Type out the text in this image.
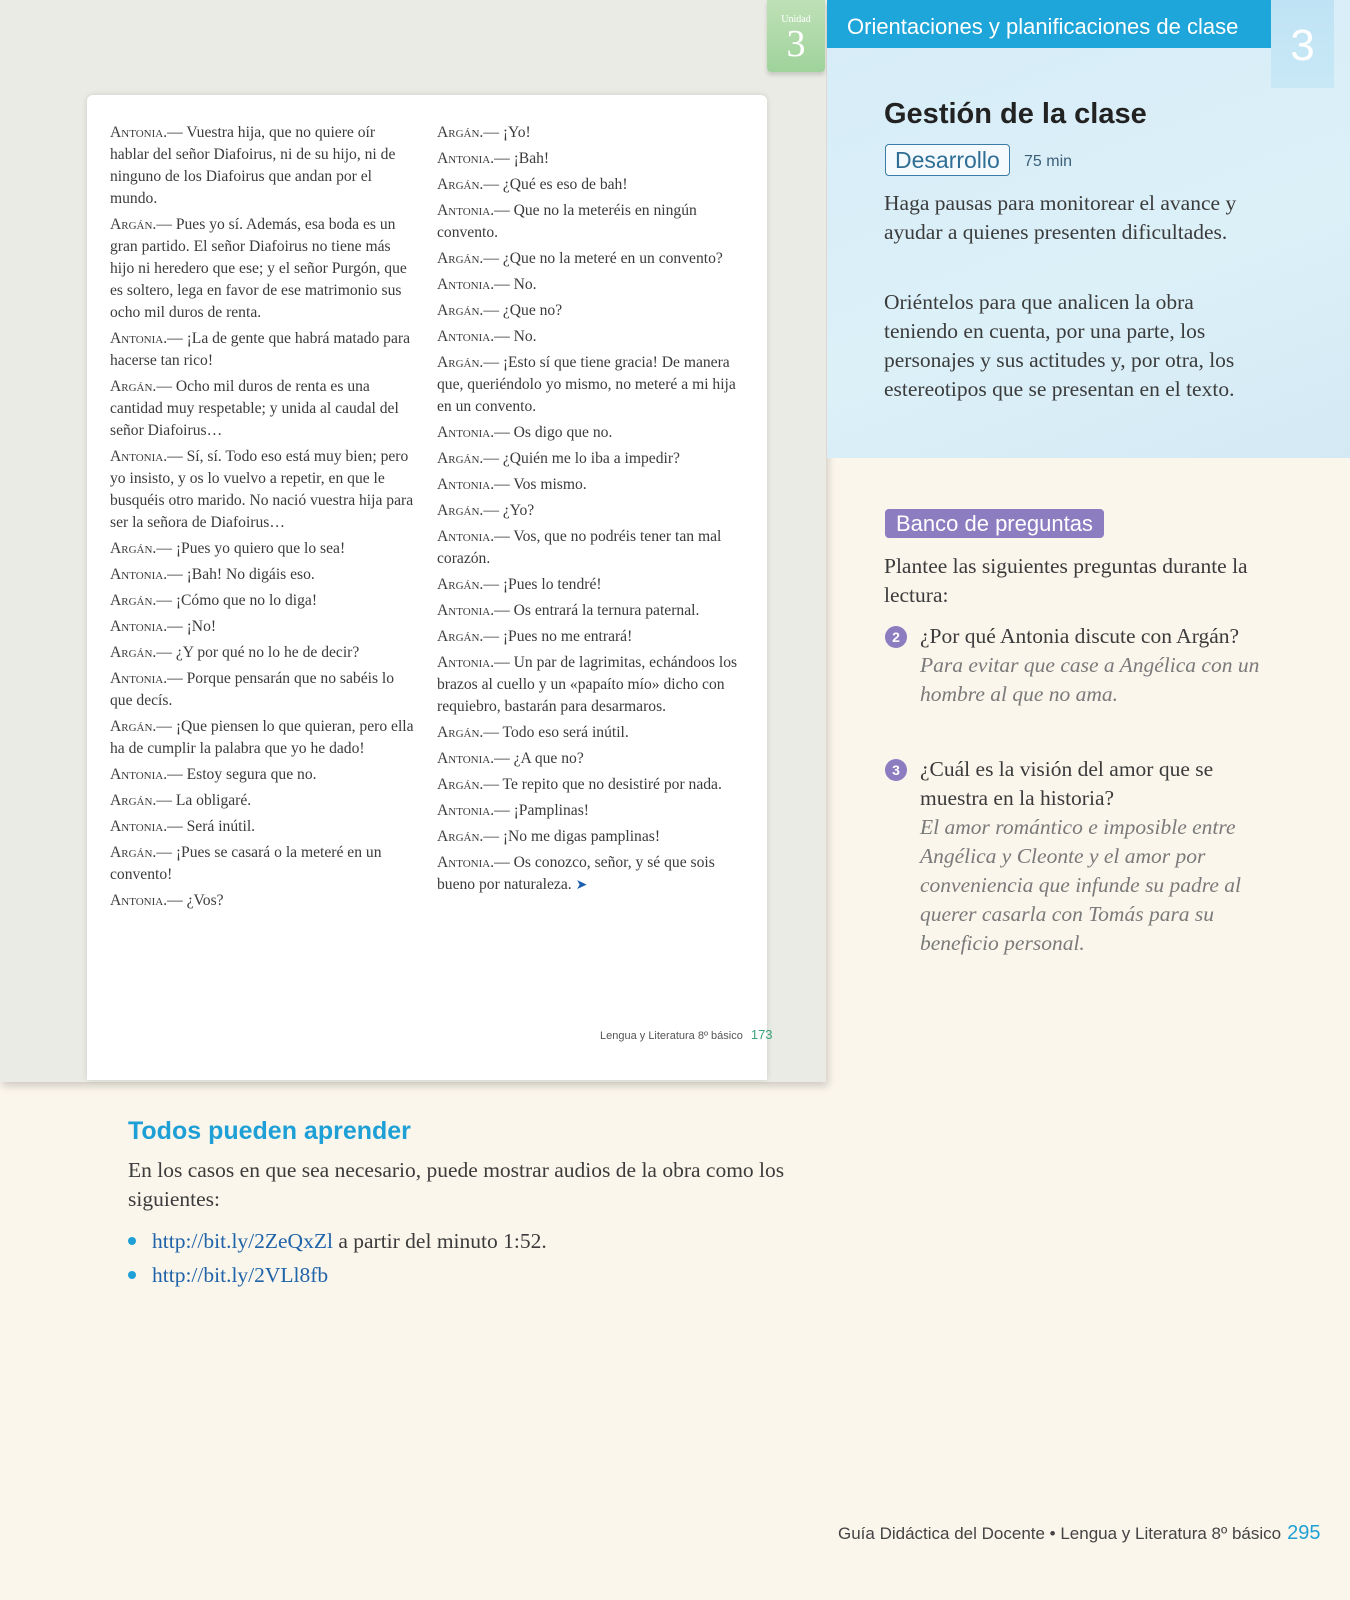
Unidad
3

Antonia.— Vuestra hija, que no quiere oír hablar del señor Diafoirus, ni de su hijo, ni de ninguno de los Diafoirus que andan por el mundo.

Argán.— Pues yo sí. Además, esa boda es un gran partido. El señor Diafoirus no tiene más hijo ni heredero que ese; y el señor Purgón, que es soltero, lega en favor de ese matrimonio sus ocho mil duros de renta.

Antonia.— ¡La de gente que habrá matado para hacerse tan rico!

Argán.— Ocho mil duros de renta es una cantidad muy respetable; y unida al caudal del señor Diafoirus…

Antonia.— Sí, sí. Todo eso está muy bien; pero yo insisto, y os lo vuelvo a repetir, en que le busquéis otro marido. No nació vuestra hija para ser la señora de Diafoirus…

Argán.— ¡Pues yo quiero que lo sea!

Antonia.— ¡Bah! No digáis eso.

Argán.— ¡Cómo que no lo diga!

Antonia.— ¡No!

Argán.— ¿Y por qué no lo he de decir?

Antonia.— Porque pensarán que no sabéis lo que decís.

Argán.— ¡Que piensen lo que quieran, pero ella ha de cumplir la palabra que yo he dado!

Antonia.— Estoy segura que no.

Argán.— La obligaré.

Antonia.— Será inútil.

Argán.— ¡Pues se casará o la meteré en un convento!

Antonia.— ¿Vos?

Argán.— ¡Yo!

Antonia.— ¡Bah!

Argán.— ¿Qué es eso de bah!

Antonia.— Que no la meteréis en ningún convento.

Argán.— ¿Que no la meteré en un convento?

Antonia.— No.

Argán.— ¿Que no?

Antonia.— No.

Argán.— ¡Esto sí que tiene gracia! De manera que, queriéndolo yo mismo, no meteré a mi hija en un convento.

Antonia.— Os digo que no.

Argán.— ¿Quién me lo iba a impedir?

Antonia.— Vos mismo.

Argán.— ¿Yo?

Antonia.— Vos, que no podréis tener tan mal corazón.

Argán.— ¡Pues lo tendré!

Antonia.— Os entrará la ternura paternal.

Argán.— ¡Pues no me entrará!

Antonia.— Un par de lagrimitas, echándoos los brazos al cuello y un «papaíto mío» dicho con requiebro, bastarán para desarmaros.

Argán.— Todo eso será inútil.

Antonia.— ¿A que no?

Argán.— Te repito que no desistiré por nada.

Antonia.— ¡Pamplinas!

Argán.— ¡No me digas pamplinas!

Antonia.— Os conozco, señor, y sé que sois bueno por naturaleza. ➤

Lengua y Literatura 8º básico 173
Orientaciones y planificaciones de clase	3
Gestión de la clase
Desarrollo	75 min

Haga pausas para monitorear el avance y ayudar a quienes presenten dificultades.

Oriéntelos para que analicen la obra teniendo en cuenta, por una parte, los personajes y sus actitudes y, por otra, los estereotipos que se presentan en el texto.

Banco de preguntas

Plantee las siguientes preguntas durante la lectura:

2 ¿Por qué Antonia discute con Argán?
Para evitar que case a Angélica con un hombre al que no ama.
3 ¿Cuál es la visión del amor que se muestra en la historia?
El amor romántico e imposible entre Angélica y Cleonte y el amor por conveniencia que infunde su padre al querer casarla con Tomás para su beneficio personal.
Todos pueden aprender

En los casos en que sea necesario, puede mostrar audios de la obra como los siguientes:

http://bit.ly/2ZeQxZl a partir del minuto 1:52.
http://bit.ly/2VLl8fb
Guía Didáctica del Docente • Lengua y Literatura 8º básico 295
